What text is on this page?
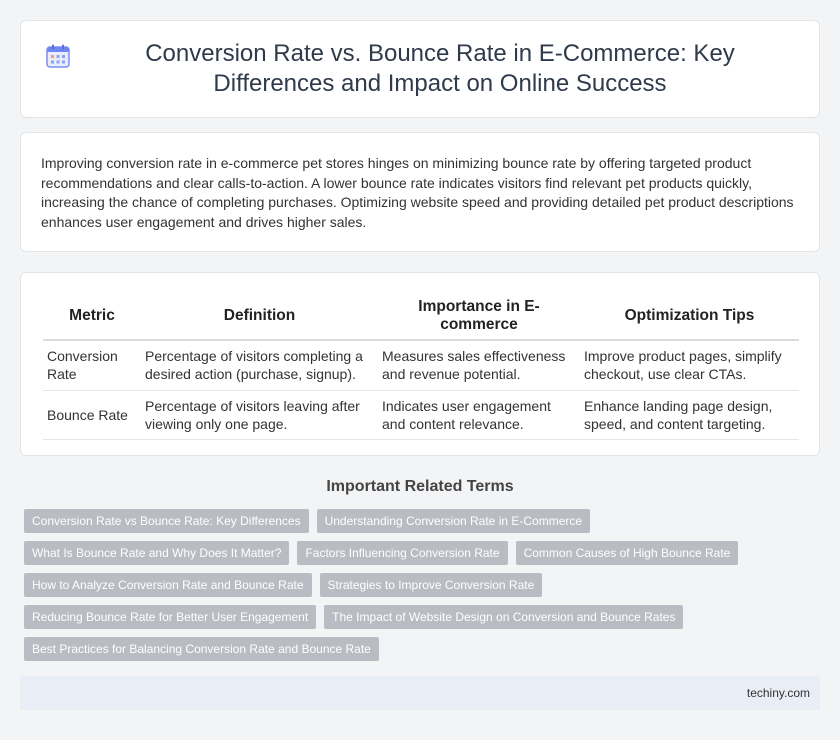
Conversion Rate vs. Bounce Rate in E-Commerce: Key Differences and Impact on Online Success

Improving conversion rate in e-commerce pet stores hinges on minimizing bounce rate by offering targeted product recommendations and clear calls-to-action. A lower bounce rate indicates visitors find relevant pet products quickly, increasing the chance of completing purchases. Optimizing website speed and providing detailed pet product descriptions enhances user engagement and drives higher sales.

Metric	Definition	Importance in E-commerce	Optimization Tips
Conversion Rate	Percentage of visitors completing a desired action (purchase, signup).	Measures sales effectiveness and revenue potential.	Improve product pages, simplify checkout, use clear CTAs.
Bounce Rate	Percentage of visitors leaving after viewing only one page.	Indicates user engagement and content relevance.	Enhance landing page design, speed, and content targeting.
Important Related Terms
Conversion Rate vs Bounce Rate: Key Differences	Understanding Conversion Rate in E-Commerce
What Is Bounce Rate and Why Does It Matter?	Factors Influencing Conversion Rate	Common Causes of High Bounce Rate
How to Analyze Conversion Rate and Bounce Rate	Strategies to Improve Conversion Rate
Reducing Bounce Rate for Better User Engagement	The Impact of Website Design on Conversion and Bounce Rates
Best Practices for Balancing Conversion Rate and Bounce Rate
techiny.com
